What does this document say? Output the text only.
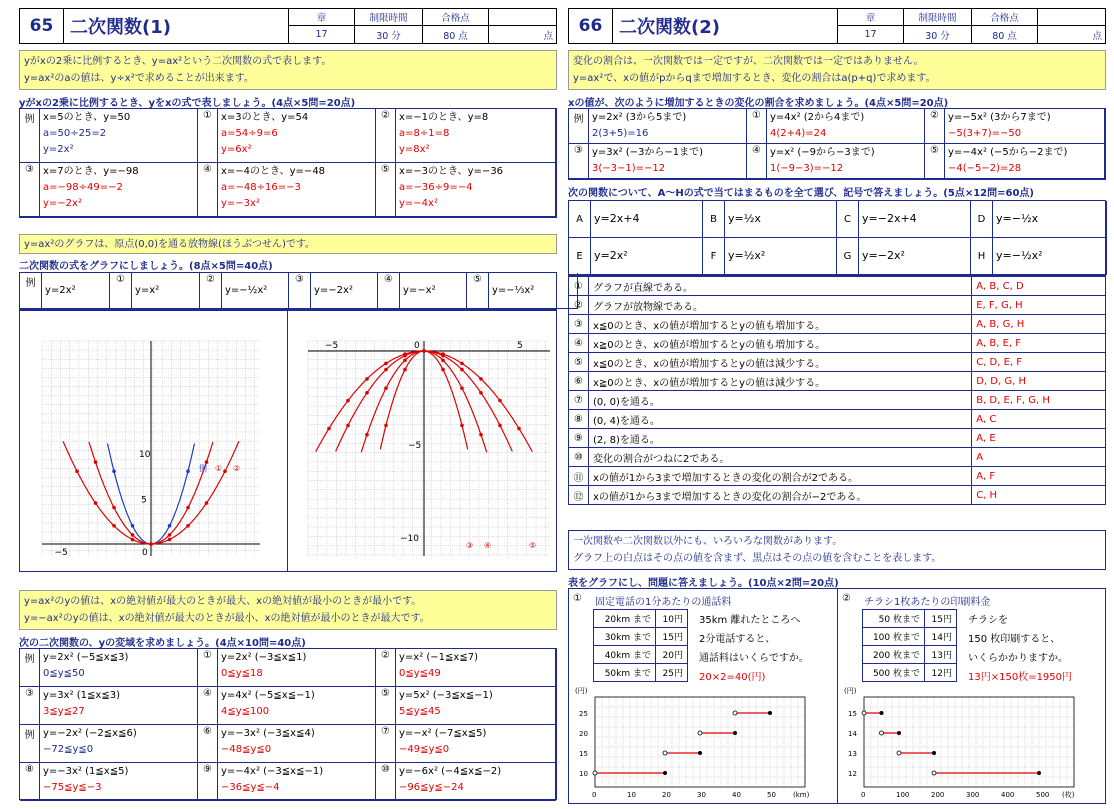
65 二次関数(1)	章	制限時間	合格点
17	30 分	80 点	点
yがxの2乗に比例するとき、y=ax²という二次関数の式で表します。
y=ax²のaの値は、y÷x²で求めることが出来ます。
yがxの2乗に比例するとき、yをxの式で表しましょう。(4点×5問=20点)
例 x=5のとき、y=50
a=50÷25=2
y=2x²
① x=3のとき、y=54
a=54÷9=6
y=6x²
② x=−1のとき、y=8
a=8÷1=8
y=8x²
③ x=7のとき、y=−98
a=−98÷49=−2
y=−2x²
④ x=−4のとき、y=−48
a=−48÷16=−3
y=−3x²
⑤ x=−3のとき、y=−36
a=−36÷9=−4
y=−4x²
y=ax²のグラフは、原点(0,0)を通る放物線(ほうぶつせん)です。
二次関数の式をグラフにしましょう。(8点×5問=40点)
例
y=2x²
①
y=x²
②
y=−½x²
③
y=−2x²
④
y=−x²
⑤
y=−⅓x²
10
5
−5	0
例 ① ②
−5	0	5
−5
−10
③ ④	⑤
y=ax²のyの値は、xの絶対値が最大のときが最大、xの絶対値が最小のときが最小です。
y=−ax²のyの値は、xの絶対値が最大のときが最小、xの絶対値が最小のときが最大です。
次の二次関数の、yの変域を求めましょう。(4点×10問=40点)
例 y=2x² (−5≦x≦3)
0≦y≦50
① y=2x² (−3≦x≦1)
0≦y≦18
② y=x² (−1≦x≦7)
0≦y≦49
③ y=3x² (1≦x≦3)
3≦y≦27
④ y=4x² (−5≦x≦−1)
4≦y≦100
⑤ y=5x² (−3≦x≦−1)
5≦y≦45
例 y=−2x² (−2≦x≦6)
−72≦y≦0
⑥ y=−3x² (−3≦x≦4)
−48≦y≦0
⑦ y=−x² (−7≦x≦5)
−49≦y≦0
⑧ y=−3x² (1≦x≦5)
−75≦y≦−3
⑨ y=−4x² (−3≦x≦−1)
−36≦y≦−4
⑩ y=−6x² (−4≦x≦−2)
−96≦y≦−24
66 二次関数(2)	章	制限時間	合格点
17	30 分	80 点	点
変化の割合は、一次関数では一定ですが、二次関数では一定ではありません。
y=ax²で、xの値がpからqまで増加するとき、変化の割合はa(p+q)で求めます。
xの値が、次のように増加するときの変化の割合を求めましょう。(4点×5問=20点)
例 y=2x² (3から5まで)
2(3+5)=16
① y=4x² (2から4まで)
4(2+4)=24
② y=−5x² (3から7まで)
−5(3+7)=−50
③ y=3x² (−3から−1まで)
3(−3−1)=−12
④ y=x² (−9から−3まで)
1(−9−3)=−12
⑤ y=−4x² (−5から−2まで)
−4(−5−2)=28
次の関数について、A〜Hの式で当てはまるものを全て選び、記号で答えましょう。(5点×12問=60点)
A	y=2x+4	B	y=½x	C	y=−2x+4	D y=−½x
E	y=2x²	F	y=½x²	G y=−2x²	H y=−½x²
①	グラフが直線である。	A, B, C, D
②	グラフが放物線である。	E, F, G, H
③	x≦0のとき、xの値が増加するとyの値も増加する。	A, B, G, H
④	x≧0のとき、xの値が増加するとyの値も増加する。	A, B, E, F
⑤	x≦0のとき、xの値が増加するとyの値は減少する。	C, D, E, F
⑥	x≧0のとき、xの値が増加するとyの値は減少する。	D, D, G, H
⑦	(0, 0)を通る。	B, D, E, F, G, H
⑧	(0, 4)を通る。	A, C
⑨	(2, 8)を通る。	A, E
⑩	変化の割合がつねに2である。	A
⑪	xの値が1から3まで増加するときの変化の割合が2である。	A, F
⑫	xの値が1から3まで増加するときの変化の割合が−2である。	C, H
一次関数や二次関数以外にも、いろいろな関数があります。
グラフ上の白点はその点の値を含まず、黒点はその点の値を含むことを表します。
表をグラフにし、問題に答えましょう。(10点×2問=20点)
① 固定電話の1分あたりの通話料
20km まで	10円
30km まで	15円
40km まで	20円
50km まで	25円
35km 離れたところへ
2分電話すると、
通話料はいくらですか。
20×2=40(円)
(円)
25
20
15
10
0	10	20	30	40	50 (km)
② チラシ1枚あたりの印刷料金
50 枚まで	15円
100 枚まで	14円
200 枚まで	13円
500 枚まで	12円
チラシを
150 枚印刷すると、
いくらかかりますか。
13円×150枚=1950円
(円)
15
14
13
12
0	100	200	300	400	500 (枚)
